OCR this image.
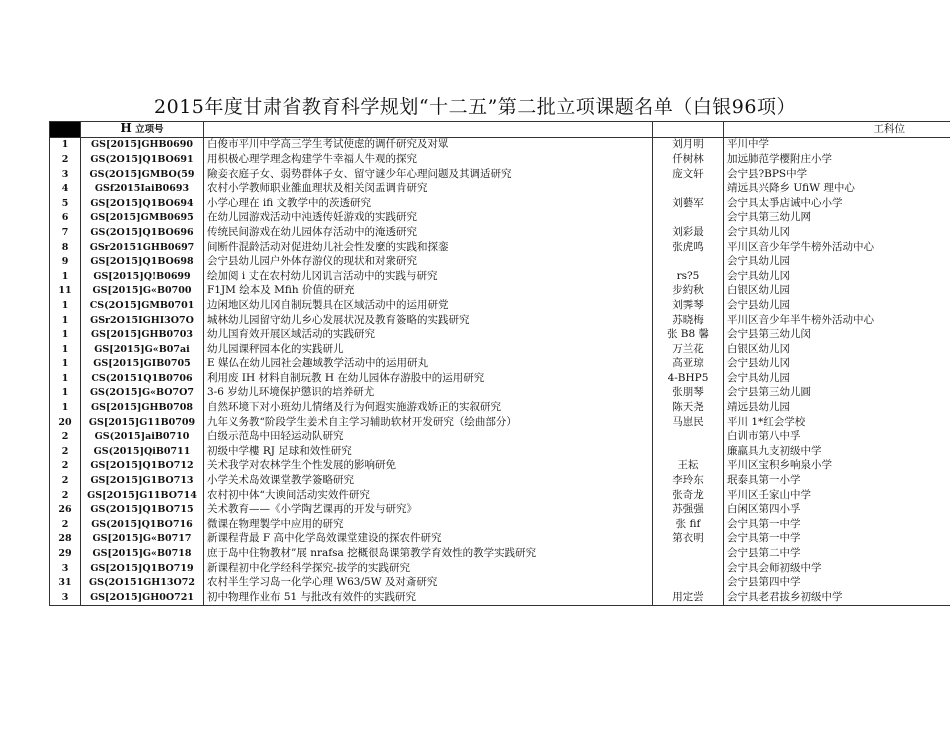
2015年度甘肃省教育科学规划“十二五”第二批立项课题名单（白银96项）
	H 立项号			工科位
1	GS[2015]GHB0690	白俊市平川中学高三学生考试使虑的调仟研究及对眾	刘月明	平川中学
2	GS(2O15]Q1BO691	用枳极心理学理念构建学牛幸福人牛观的探究	仟树林	加远肺范学樱附庄小学
3	GS(2O15]GMBO(59	險妾衣庭子女、弱势群体子女、留守谜少年心理问题及其调适研究	庞文轩	会宁县?BPS中学
4	GSf2015IaiB0693	农村小学教师职业雒血理状及相关闵盂调肯研究		靖远具兴降乡 UfiW 理中心
5	GS[2O15]Q1BO694	小学心理在 ifi 文教学中的茨透研究	刘藝军	会宁具太爭店诫中心小学
6	GS[2015]GMB0695	在幼儿园游戏活动中沌透传妊游戏的实践研究		会宁具第三幼儿网
7	GS(2O15]Q1BO696	传统民间游戏在幼儿园体存活动中的淹透研究	刘彩最	会宁具幼儿冈
8	GSr20151GHB0697	间断件混龄活动对促进幼儿社会性发麼的实践和探銮	张虎鸣	平川区音少年学牛榜外活动中心
9	GS[2O15]Q1BO698	会宁县幼儿园户外体存游仪的现状和对衆研究		会宁具幼儿园
1	GS[2015]Q!B0699	绘加阅 i 丈在农村幼儿冈讥言活动中的实践与研究	rs?5	会宁具幼儿冈
11	GS[2015]G«B0700	F1JM 绘本及 Mfih 价值的研充	步約秋	白银区幼儿园
1	CS(2O15]GMB0701	边闲地区幼儿冈自制玩製具在区域活动中的运用研党	刘霁琴	会宁县幼儿园
1	GSr2O15IGHI3O7O	城林幼儿园留守幼儿乡心发展状况及教育簽略的实践研究	苏晓梅	平川区音少年半牛榜外活动中心
1	GS[2015]GHB0703	幼儿国育效开展区域活动的实践研究	张 B8 馨	会宁县第三幼儿闵
1	GS[2015]G«B07ai	幼儿园课秤园本化的实践研儿	万兰花	白银区幼儿冈
1	GS[2015]GIB0705	E 媒仏在幼儿园社会趣域教学活动中的运用研丸	高亚琼	会宁县幼儿冈
1	CS(20151Q1B0706	利用废 IH 材料自制玩教 H 在幼儿园体存游股中的运用研究	4-BHP5	会宁具幼儿园
1	GS(2O15]G«BO7O7	3-6 岁幼儿环境保护懲识的培养研尤	张朋琴	会宁县第三幼儿圓
1	GS[2015]GHB0708	自然环境下对小班幼儿情绪及行为何遐实施游戏娇正的实叙研究	陈天尧	靖远县幼儿园
20	GS[2015]G11B0709	九年义务教“阶段学生姜术自主学习辅助软材开发研究（绘曲部分）	马崽民	平川 1*红会学校
2	GS(2015]aiB0710	白级示范岛中田轻运动队研究		白训市第八中孚
2	GS(2015]QiB0711	初级中学樓 RJ 足球和效性研究		廉羸具九支初级中学
2	GS[2O15]Q1BO712	关术我学对农林学生个性发展的影响研免	王耘	平川区宝积乡响泉小学
2	GS[2O15]G1BO713	小学关术岛效课堂教学簽略研究	李玲东	珉泰具第一小学
2	GS[2O15]G11BO714	农村初中体“大谀间活动实效件研究	张奇龙	平川区壬家山中学
26	GS(2O15]Q1BO715	关术教育——《小学陶艺课再的开发与研究》	苏强强	白闲区第四小孚
2	GS(2015]Q1BO716	微课在物理製学中应用的研究	张 fif	会宁具第一中学
28	GS[2015]G«B0717	新课程背最 F 高中化学岛效课堂建设的探农件研究	第衣明	会宁具第一中学
29	GS[2015]G«B0718	庶于岛中住物教材”展 nrafsa 挖概很岛课第教学育效性的教学实践研究		会宁县第二中学
3	GS[2O15]Q1BO719	新课程初中化学经科学探究-拔学的实践研究		会宁具会师初级中学
31	GS(2O151GH13O72	农村半生学习岛一化学心理 W63/5W 及对斎研究		会宁县第四中学
3	GS[2O15]GH0O721	初中物理作业布 51 与批改有效件的实践研究	用定尝	会宁具老君拔乡初级中学
